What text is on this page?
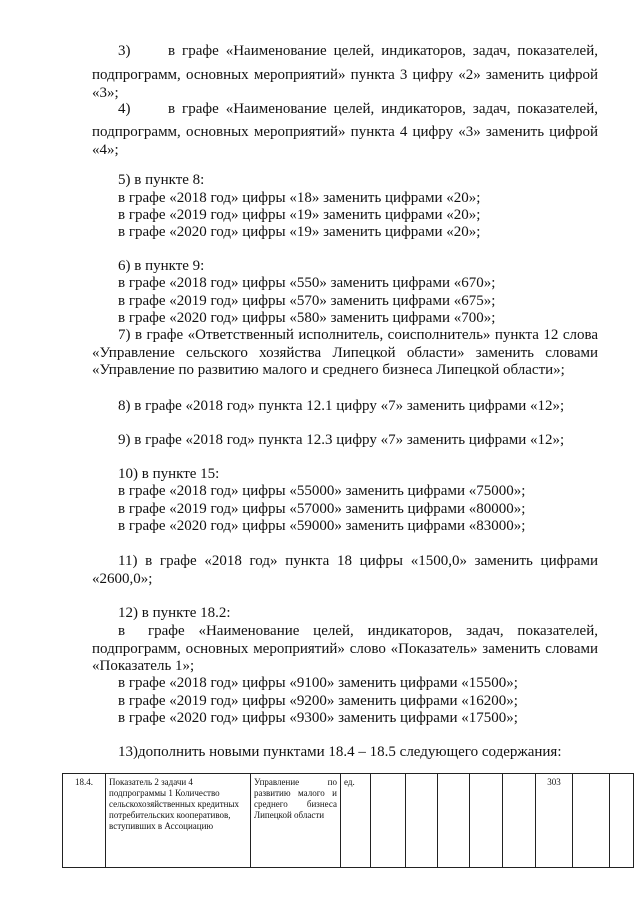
3)	в графе «Наименование целей, индикаторов, задач, показателей,
подпрограмм, основных мероприятий» пункта 3 цифру «2» заменить цифрой
«3»;
4)	в графе «Наименование целей, индикаторов, задач, показателей,
подпрограмм, основных мероприятий» пункта 4 цифру «3» заменить цифрой
«4»;
5) в пункте 8:
в графе «2018 год» цифры «18» заменить цифрами «20»;
в графе «2019 год» цифры «19» заменить цифрами «20»;
в графе «2020 год» цифры «19» заменить цифрами «20»;
6) в пункте 9:
в графе «2018 год» цифры «550» заменить цифрами «670»;
в графе «2019 год» цифры «570» заменить цифрами «675»;
в графе «2020 год» цифры «580» заменить цифрами «700»;
7) в графе «Ответственный исполнитель, соисполнитель» пункта 12 слова
«Управление сельского хозяйства Липецкой области» заменить словами
«Управление по развитию малого и среднего бизнеса Липецкой области»;
8) в графе «2018 год» пункта 12.1 цифру «7» заменить цифрами «12»;
9) в графе «2018 год» пункта 12.3 цифру «7» заменить цифрами «12»;
10) в пункте 15:
в графе «2018 год» цифры «55000» заменить цифрами «75000»;
в графе «2019 год» цифры «57000» заменить цифрами «80000»;
в графе «2020 год» цифры «59000» заменить цифрами «83000»;
11) в графе «2018 год» пункта 18 цифры «1500,0» заменить цифрами
«2600,0»;
12) в пункте 18.2:
в графе «Наименование целей, индикаторов, задач, показателей,
подпрограмм, основных мероприятий» слово «Показатель» заменить словами
«Показатель 1»;
в графе «2018 год» цифры «9100» заменить цифрами «15500»;
в графе «2019 год» цифры «9200» заменить цифрами «16200»;
в графе «2020 год» цифры «9300» заменить цифрами «17500»;
13)дополнить новыми пунктами 18.4 – 18.5 следующего содержания:
18.4.	Показатель 2 задачи 4 подпрограммы 1 Количество сельскохозяйственных кредитных потребительских кооперативов, вступивших в Ассоциацию	Управление по развитию малого и среднего бизнеса Липецкой области	ед.						303		
